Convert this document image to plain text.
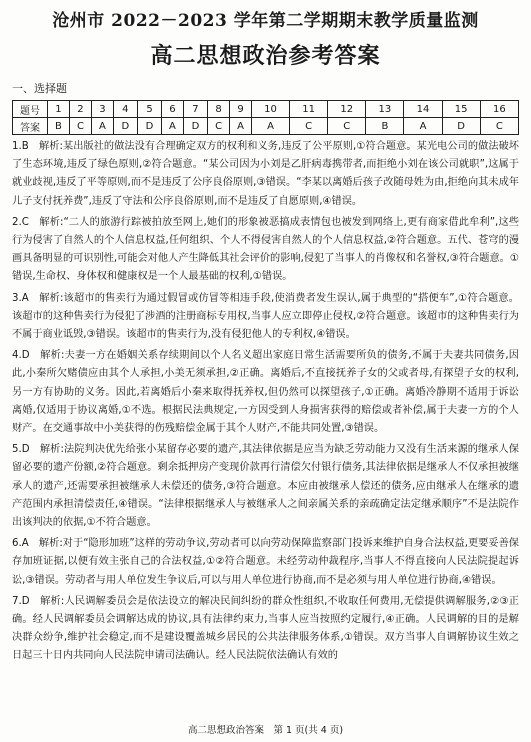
沧州市 2022－2023 学年第二学期期末教学质量监测
高二思想政治参考答案
一、选择题
题号	1	2	3	4	5	6	7	8	9	10	11	12	13	14	15	16
答案	B	C	A	D	D	A	D	C	A	A	C	C	B	A	D	C
1.B　解析:某出版社的做法没有合理确定双方的权利和义务,违反了公平原则,①符合题意。某光电公司的做法破坏了生态环境,违反了绿色原则,②符合题意。“某公司因为小刘是乙肝病毒携带者,而拒绝小刘在该公司就职”,这属于就业歧视,违反了平等原则,而不是违反了公序良俗原则,③错误。“李某以离婚后孩子改随母姓为由,拒绝向其未成年儿子支付抚养费”,违反了守法和公序良俗原则,而不是违反了自愿原则,④错误。
2.C　解析:“二人的旅游行踪被拍放至网上,她们的形象被恶搞成表情包也被发到网络上,更有商家借此牟利”,这些行为侵害了自然人的个人信息权益,任何组织、个人不得侵害自然人的个人信息权益,②符合题意。五代、苍穹的漫画具备明显的可识别性,可能会对他人产生降低其社会评价的影响,侵犯了当事人的肖像权和名誉权,③符合题意。①错误,生命权、身体权和健康权是一个人最基础的权利,①错误。
3.A　解析:该超市的售卖行为通过假冒或仿冒等相违手段,使消费者发生误认,属于典型的“搭便车”,①符合题意。该超市的这种售卖行为侵犯了涉酒的注册商标专用权,当事人应立即停止侵权,②符合题意。该超市的这种售卖行为不属于商业诋毁,③错误。该超市的售卖行为,没有侵犯他人的专利权,④错误。
4.D　解析:夫妻一方在婚姻关系存续期间以个人名义超出家庭日常生活需要所负的债务,不属于夫妻共同债务,因此,小秦所欠赌债应由其个人承担,小美无须承担,②正确。离婚后,不直接抚养子女的父或者母,有探望子女的权利,另一方有协助的义务。因此,若离婚后小秦来取得抚养权,但仍然可以探望孩子,①正确。离婚冷静期不适用于诉讼离婚,仅适用于协议离婚,①不选。根据民法典规定,一方因受到人身损害获得的赔偿或者补偿,属于夫妻一方的个人财产。在交通事故中小美获得的伤残赔偿金属于其个人财产,不能共同处置,③错误。
5.D　解析:法院判决优先给张小某留存必要的遗产,其法律依据是应当为缺乏劳动能力又没有生活来源的继承人保留必要的遗产份额,②符合题意。剩余抵押房产变现价款再行清偿欠付银行债务,其法律依据是继承人不仅承担被继承人的遗产,还需要承担被继承人未偿还的债务,③符合题意。本应由被继承人偿还的债务,应由继承人在继承的遗产范围内承担清偿责任,④错误。“法律根据继承人与被继承人之间亲属关系的亲疏确定法定继承顺序”不是法院作出该判决的依据,①不符合题意。
6.A　解析:对于“隐形加班”这样的劳动争议,劳动者可以向劳动保障监察部门投诉来维护自身合法权益,更要妥善保存加班证据,以便有效主张自己的合法权益,①②符合题意。未经劳动仲裁程序,当事人不得直接向人民法院提起诉讼,③错误。劳动者与用人单位发生争议后,可以与用人单位进行协商,而不是必须与用人单位进行协商,④错误。
7.D　解析:人民调解委员会是依法设立的解决民间纠纷的群众性组织,不收取任何费用,无偿提供调解服务,②③正确。经人民调解委员会调解达成的协议,具有法律约束力,当事人应当按照约定履行,④正确。人民调解的目的是解决群众纷争,维护社会稳定,而不是建设覆盖城乡居民的公共法律服务体系,①错误。双方当事人自调解协议生效之日起三十日内共同向人民法院申请司法确认。经人民法院依法确认有效的
高二思想政治答案　第 1 页(共 4 页)
